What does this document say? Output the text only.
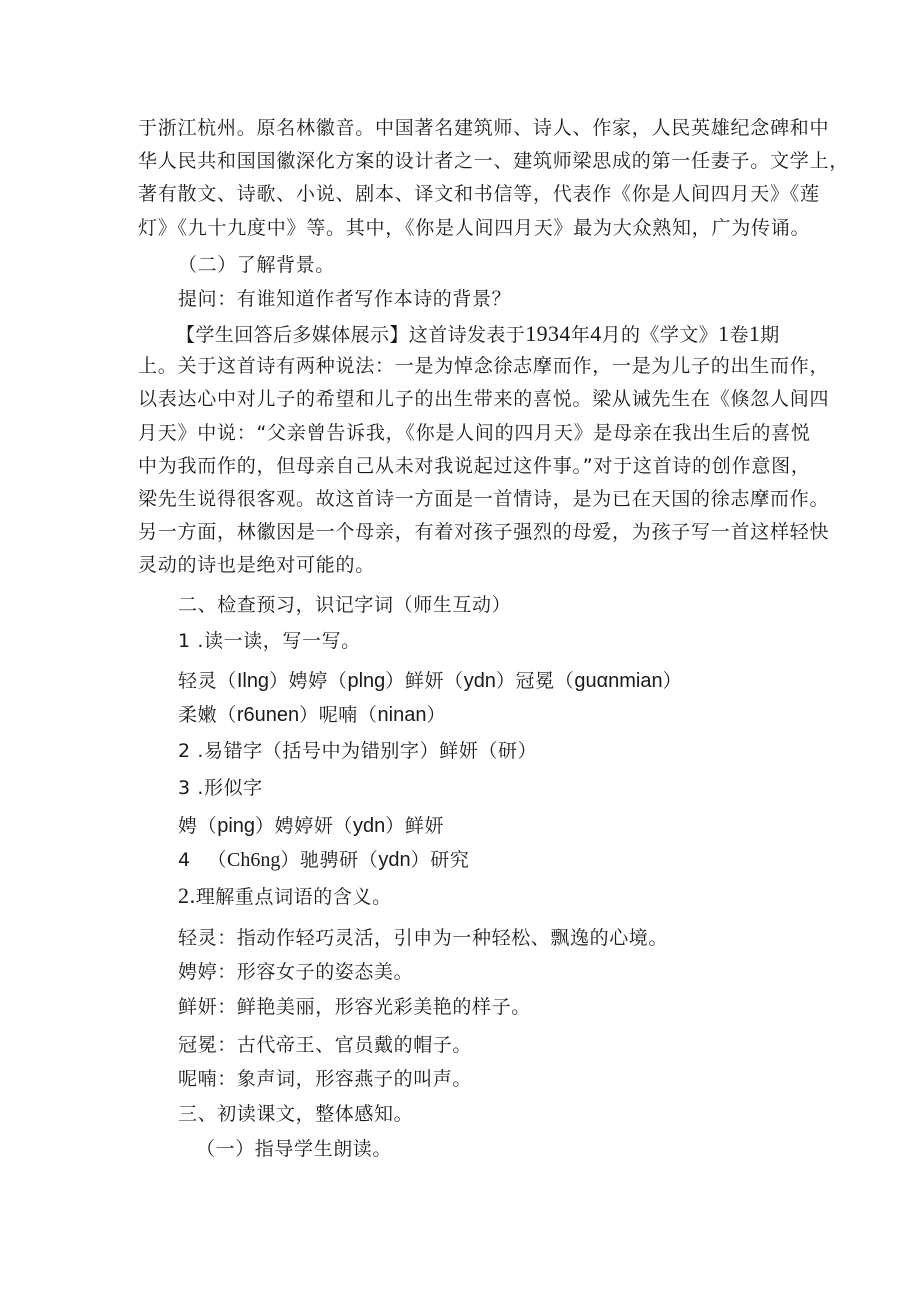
于浙江杭州。原名林徽音。中国著名建筑师、诗人、作家，人民英雄纪念碑和中
华人民共和国国徽深化方案的设计者之一、建筑师梁思成的第一任妻子。文学上，
著有散文、诗歌、小说、剧本、译文和书信等，代表作《你是人间四月天》《莲
灯》《九十九度中》等。其中，《你是人间四月天》最为大众熟知，广为传诵。
（二）了解背景。
提问：有谁知道作者写作本诗的背景？
【学生回答后多媒体展示】这首诗发表于1934年4月的《学文》1卷1期
上。关于这首诗有两种说法：一是为悼念徐志摩而作，一是为儿子的出生而作，
以表达心中对儿子的希望和儿子的出生带来的喜悦。梁从诫先生在《倏忽人间四
月天》中说：“父亲曾告诉我，《你是人间的四月天》是母亲在我出生后的喜悦
中为我而作的，但母亲自己从未对我说起过这件事。”对于这首诗的创作意图，
梁先生说得很客观。故这首诗一方面是一首情诗，是为已在天国的徐志摩而作。
另一方面，林徽因是一个母亲，有着对孩子强烈的母爱，为孩子写一首这样轻快
灵动的诗也是绝对可能的。
二、检查预习，识记字词（师生互动）
1 .读一读，写一写。
轻灵（Ilng）娉婷（plng）鲜妍（ydn）冠冕（guαnmian）
柔嫩（r6unen）呢喃（ninan）
2 .易错字（括号中为错别字）鲜妍（研）
3 .形似字
娉（ping）娉婷妍（ydn）鲜妍
4 　（Ch6ng）驰骋研（ydn）研究
2.理解重点词语的含义。
轻灵：指动作轻巧灵活，引申为一种轻松、飘逸的心境。
娉婷：形容女子的姿态美。
鲜妍：鲜艳美丽，形容光彩美艳的样子。
冠冕：古代帝王、官员戴的帽子。
呢喃：象声词，形容燕子的叫声。
三、初读课文，整体感知。
（一）指导学生朗读。
